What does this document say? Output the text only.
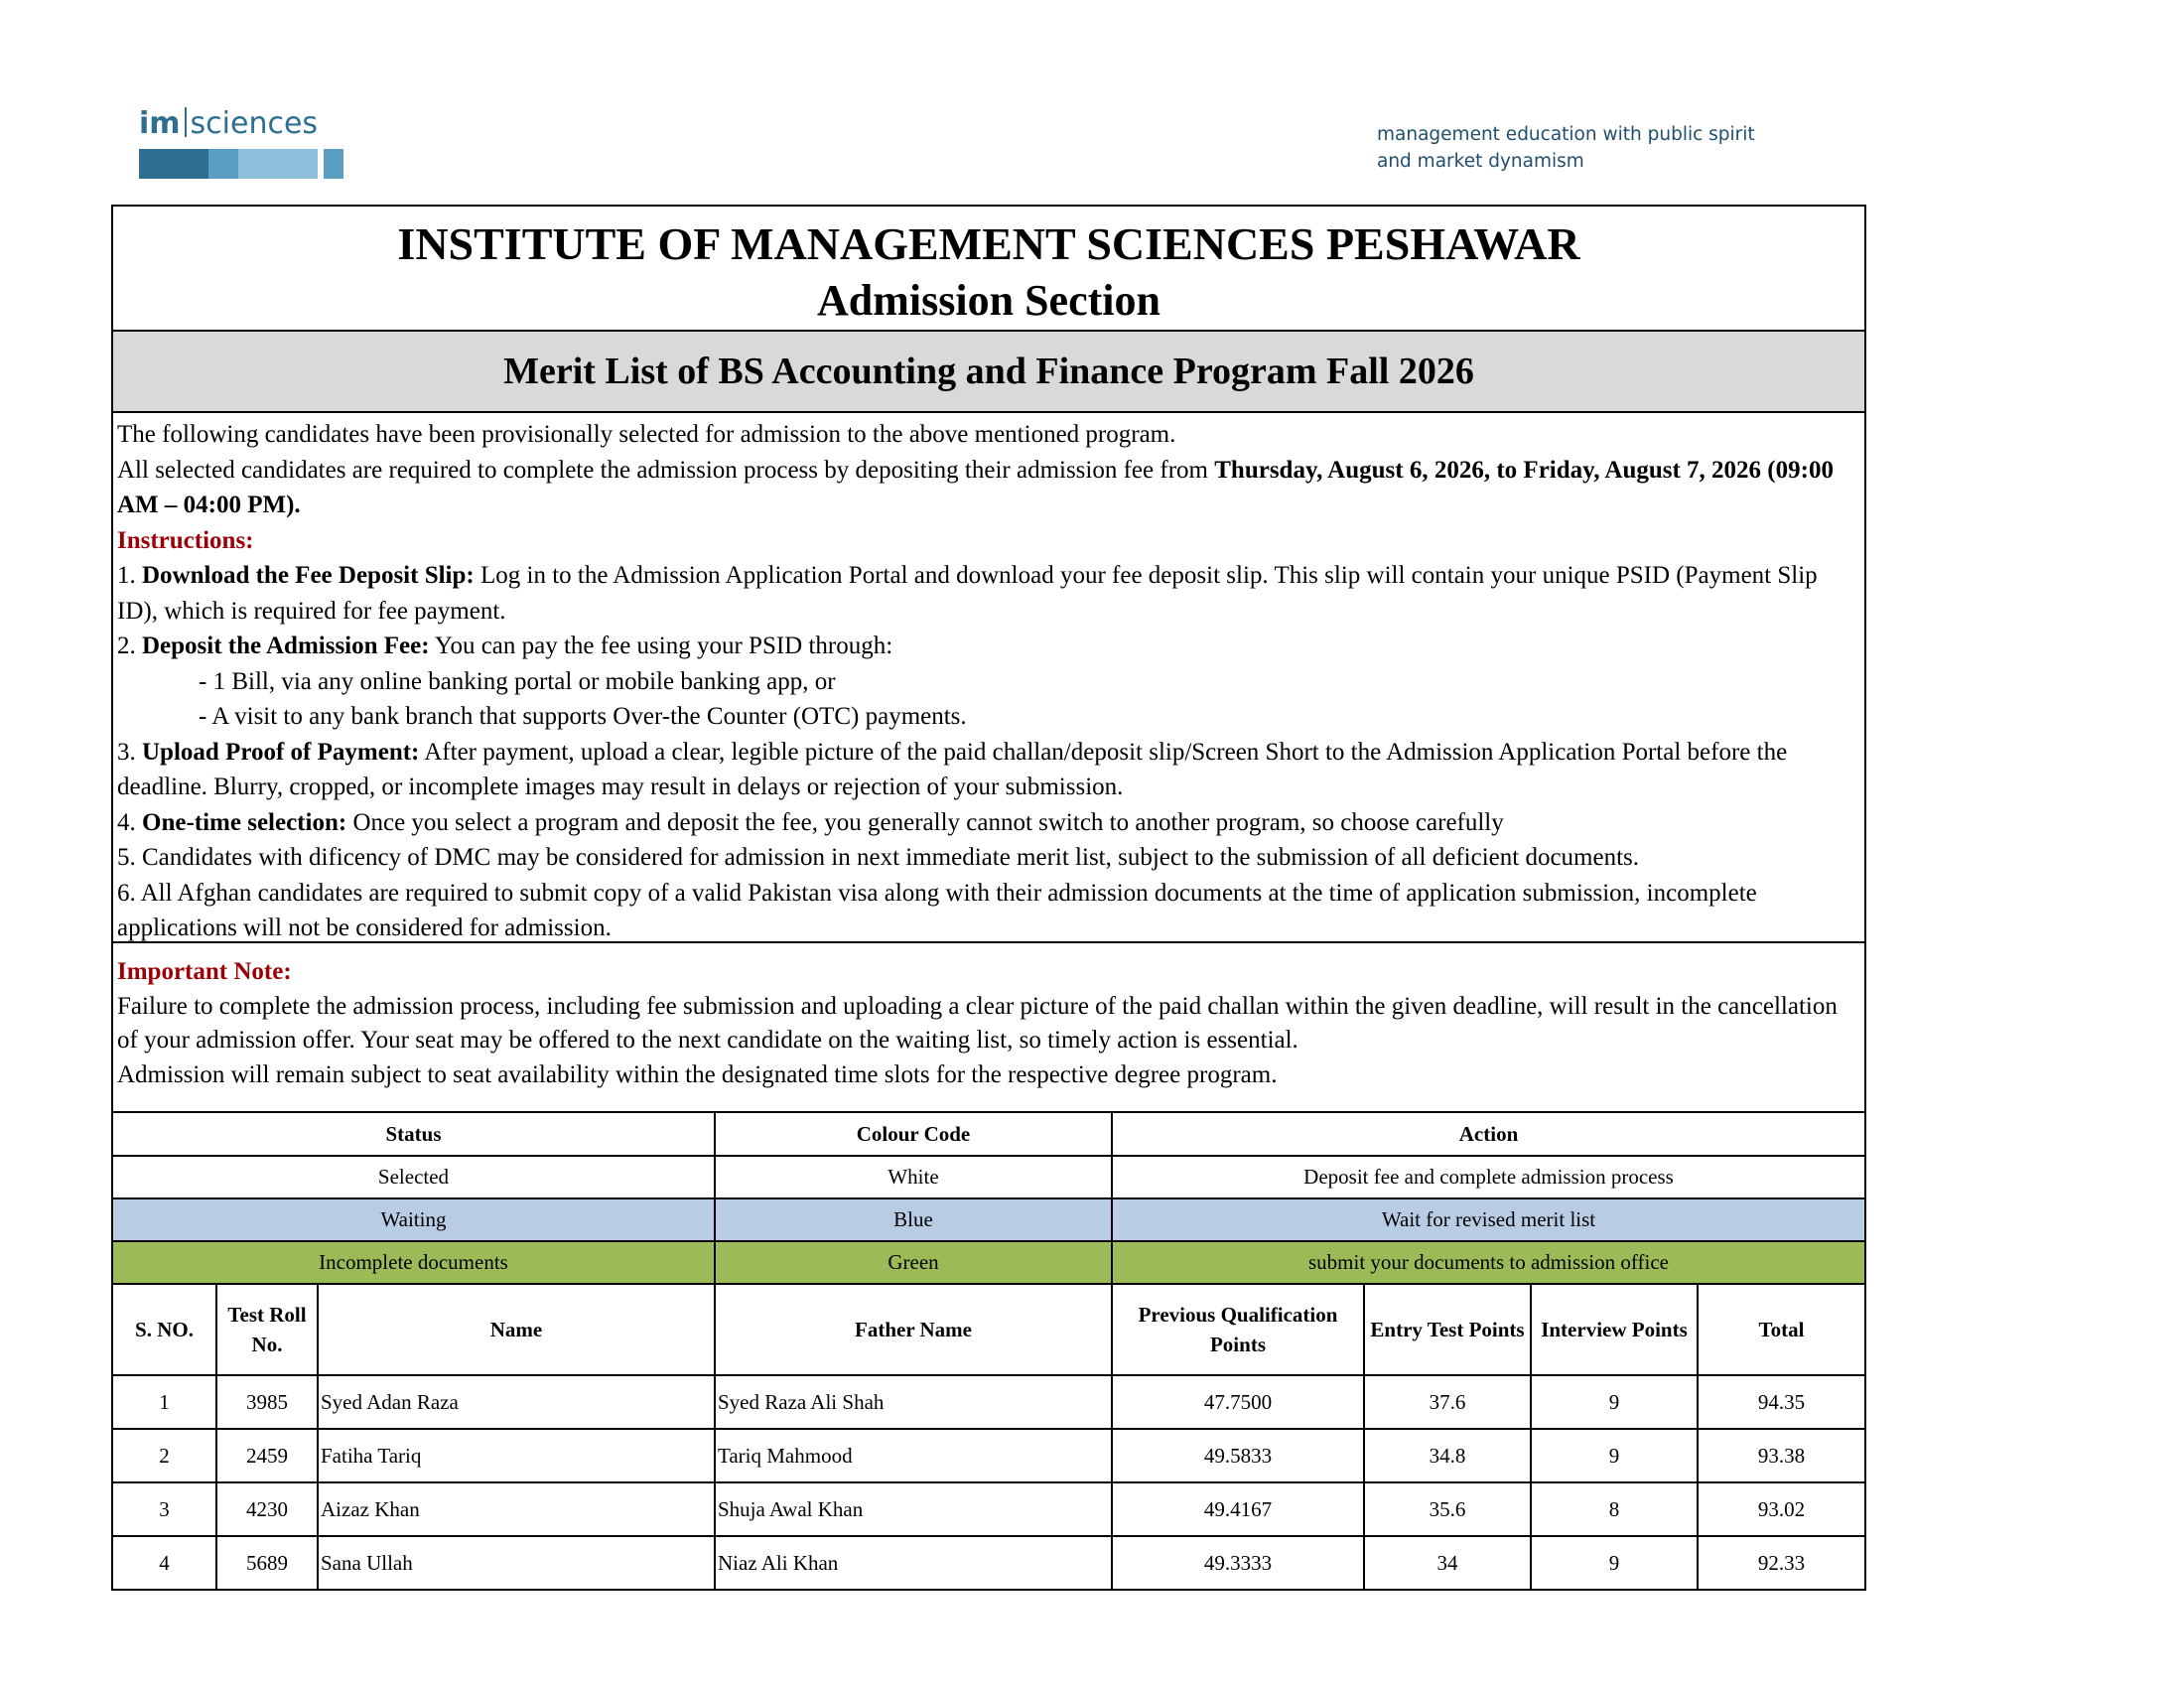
im sciences	management education with public spirit
and market dynamism
INSTITUTE OF MANAGEMENT SCIENCES PESHAWAR
Admission Section
Merit List of BS Accounting and Finance Program Fall 2026

The following candidates have been provisionally selected for admission to the above mentioned program.

All selected candidates are required to complete the admission process by depositing their admission fee from Thursday, August 6, 2026, to Friday, August 7, 2026 (09:00 AM – 04:00 PM).

Instructions:

1. Download the Fee Deposit Slip: Log in to the Admission Application Portal and download your fee deposit slip. This slip will contain your unique PSID (Payment Slip ID), which is required for fee payment.

2. Deposit the Admission Fee: You can pay the fee using your PSID through:

- 1 Bill, via any online banking portal or mobile banking app, or

- A visit to any bank branch that supports Over-the Counter (OTC) payments.

3. Upload Proof of Payment: After payment, upload a clear, legible picture of the paid challan/deposit slip/Screen Short to the Admission Application Portal before the deadline. Blurry, cropped, or incomplete images may result in delays or rejection of your submission.

4. One-time selection: Once you select a program and deposit the fee, you generally cannot switch to another program, so choose carefully

5. Candidates with dificency of DMC may be considered for admission in next immediate merit list, subject to the submission of all deficient documents.

6. All Afghan candidates are required to submit copy of a valid Pakistan visa along with their admission documents at the time of application submission, incomplete applications will not be considered for admission.

Important Note:

Failure to complete the admission process, including fee submission and uploading a clear picture of the paid challan within the given deadline, will result in the cancellation of your admission offer. Your seat may be offered to the next candidate on the waiting list, so timely action is essential.

Admission will remain subject to seat availability within the designated time slots for the respective degree program.

Status	Colour Code	Action
Selected	White	Deposit fee and complete admission process
Waiting	Blue	Wait for revised merit list
Incomplete documents	Green	submit your documents to admission office
S. NO.	Test Roll No.	Name	Father Name	Previous Qualification Points	Entry Test Points	Interview Points	Total
1	3985	Syed Adan Raza	Syed Raza Ali Shah	47.7500	37.6	9	94.35
2	2459	Fatiha Tariq	Tariq Mahmood	49.5833	34.8	9	93.38
3	4230	Aizaz Khan	Shuja Awal Khan	49.4167	35.6	8	93.02
4	5689	Sana Ullah	Niaz Ali Khan	49.3333	34	9	92.33
